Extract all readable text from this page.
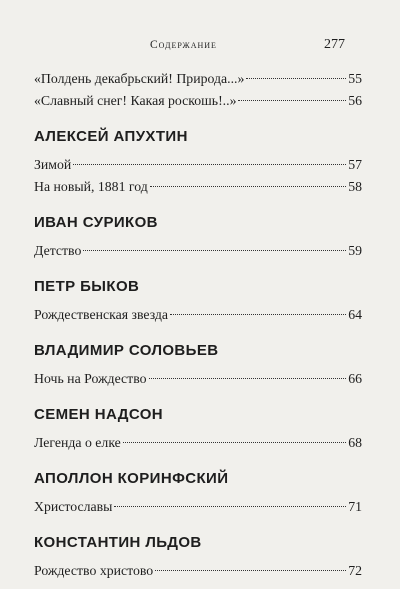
Содержание	277
«Полдень декабрьский! Природа...»	55
«Славный снег! Какая роскошь!..»	56
АЛЕКСЕЙ АПУХТИН
Зимой	57
На новый, 1881 год	58
ИВАН СУРИКОВ
Детство	59
ПЕТР БЫКОВ
Рождественская звезда	64
ВЛАДИМИР СОЛОВЬЕВ
Ночь на Рождество	66
СЕМЕН НАДСОН
Легенда о елке	68
АПОЛЛОН КОРИНФСКИЙ
Христославы	71
КОНСТАНТИН ЛЬДОВ
Рождество христово	72
